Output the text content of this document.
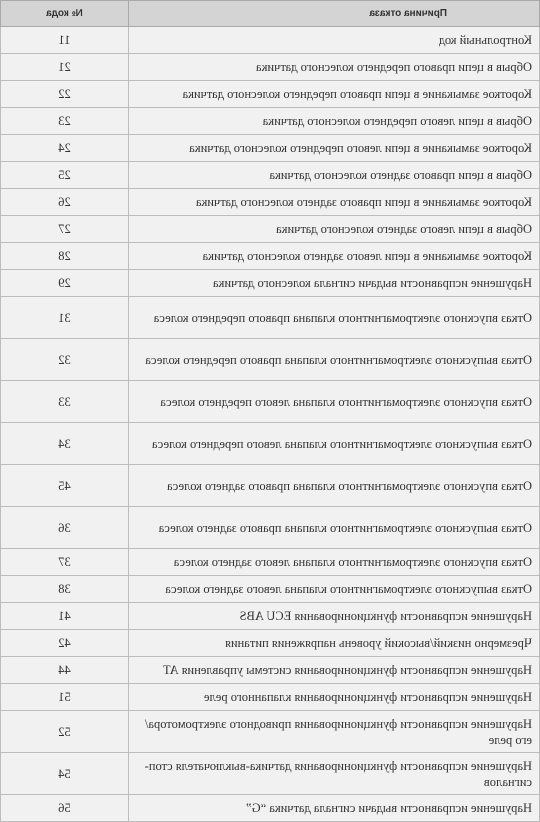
Причина отказа	№ кода
Контрольный код	11
Обрыв в цепи правого переднего колесного датчика	21
Короткое замыкание в цепи правого переднего колесного датчика	22
Обрыв в цепи левого переднего колесного датчика	23
Короткое замыкание в цепи левого переднего колесного датчика	24
Обрыв в цепи правого заднего колесного датчика	25
Короткое замыкание в цепи правого заднего колесного датчика	26
Обрыв в цепи левого заднего колесного датчика	27
Короткое замыкание в цепи левого заднего колесного датчика	28
Нарушение исправности выдачи сигнала колесного датчика	29
Отказ впускного электромагнитного клапана правого переднего колеса	31
Отказ выпускного электромагнитного клапана правого переднего колеса	32
Отказ впускного электромагнитного клапана левого переднего колеса	33
Отказ выпускного электромагнитного клапана левого переднего колеса	34
Отказ впускного электромагнитного клапана правого заднего колеса	45
Отказ выпускного электромагнитного клапана правого заднего колеса	36
Отказ впускного электромагнитного клапана левого заднего колеса	37
Отказ выпускного электромагнитного клапана левого заднего колеса	38
Нарушение исправности функционирования ECU ABS	41
Чрезмерно низкий/высокий уровень напряжения питания	42
Нарушение исправности функционирования системы управления АТ	44
Нарушение исправности функционирования клапанного реле	51
Нарушение исправности функционирования приводного электромотора/его реле	52
Нарушение исправности функционирования датчика-выключателя стоп-сигналов	54
Нарушение исправности выдачи сигнала датчика “G”	56
